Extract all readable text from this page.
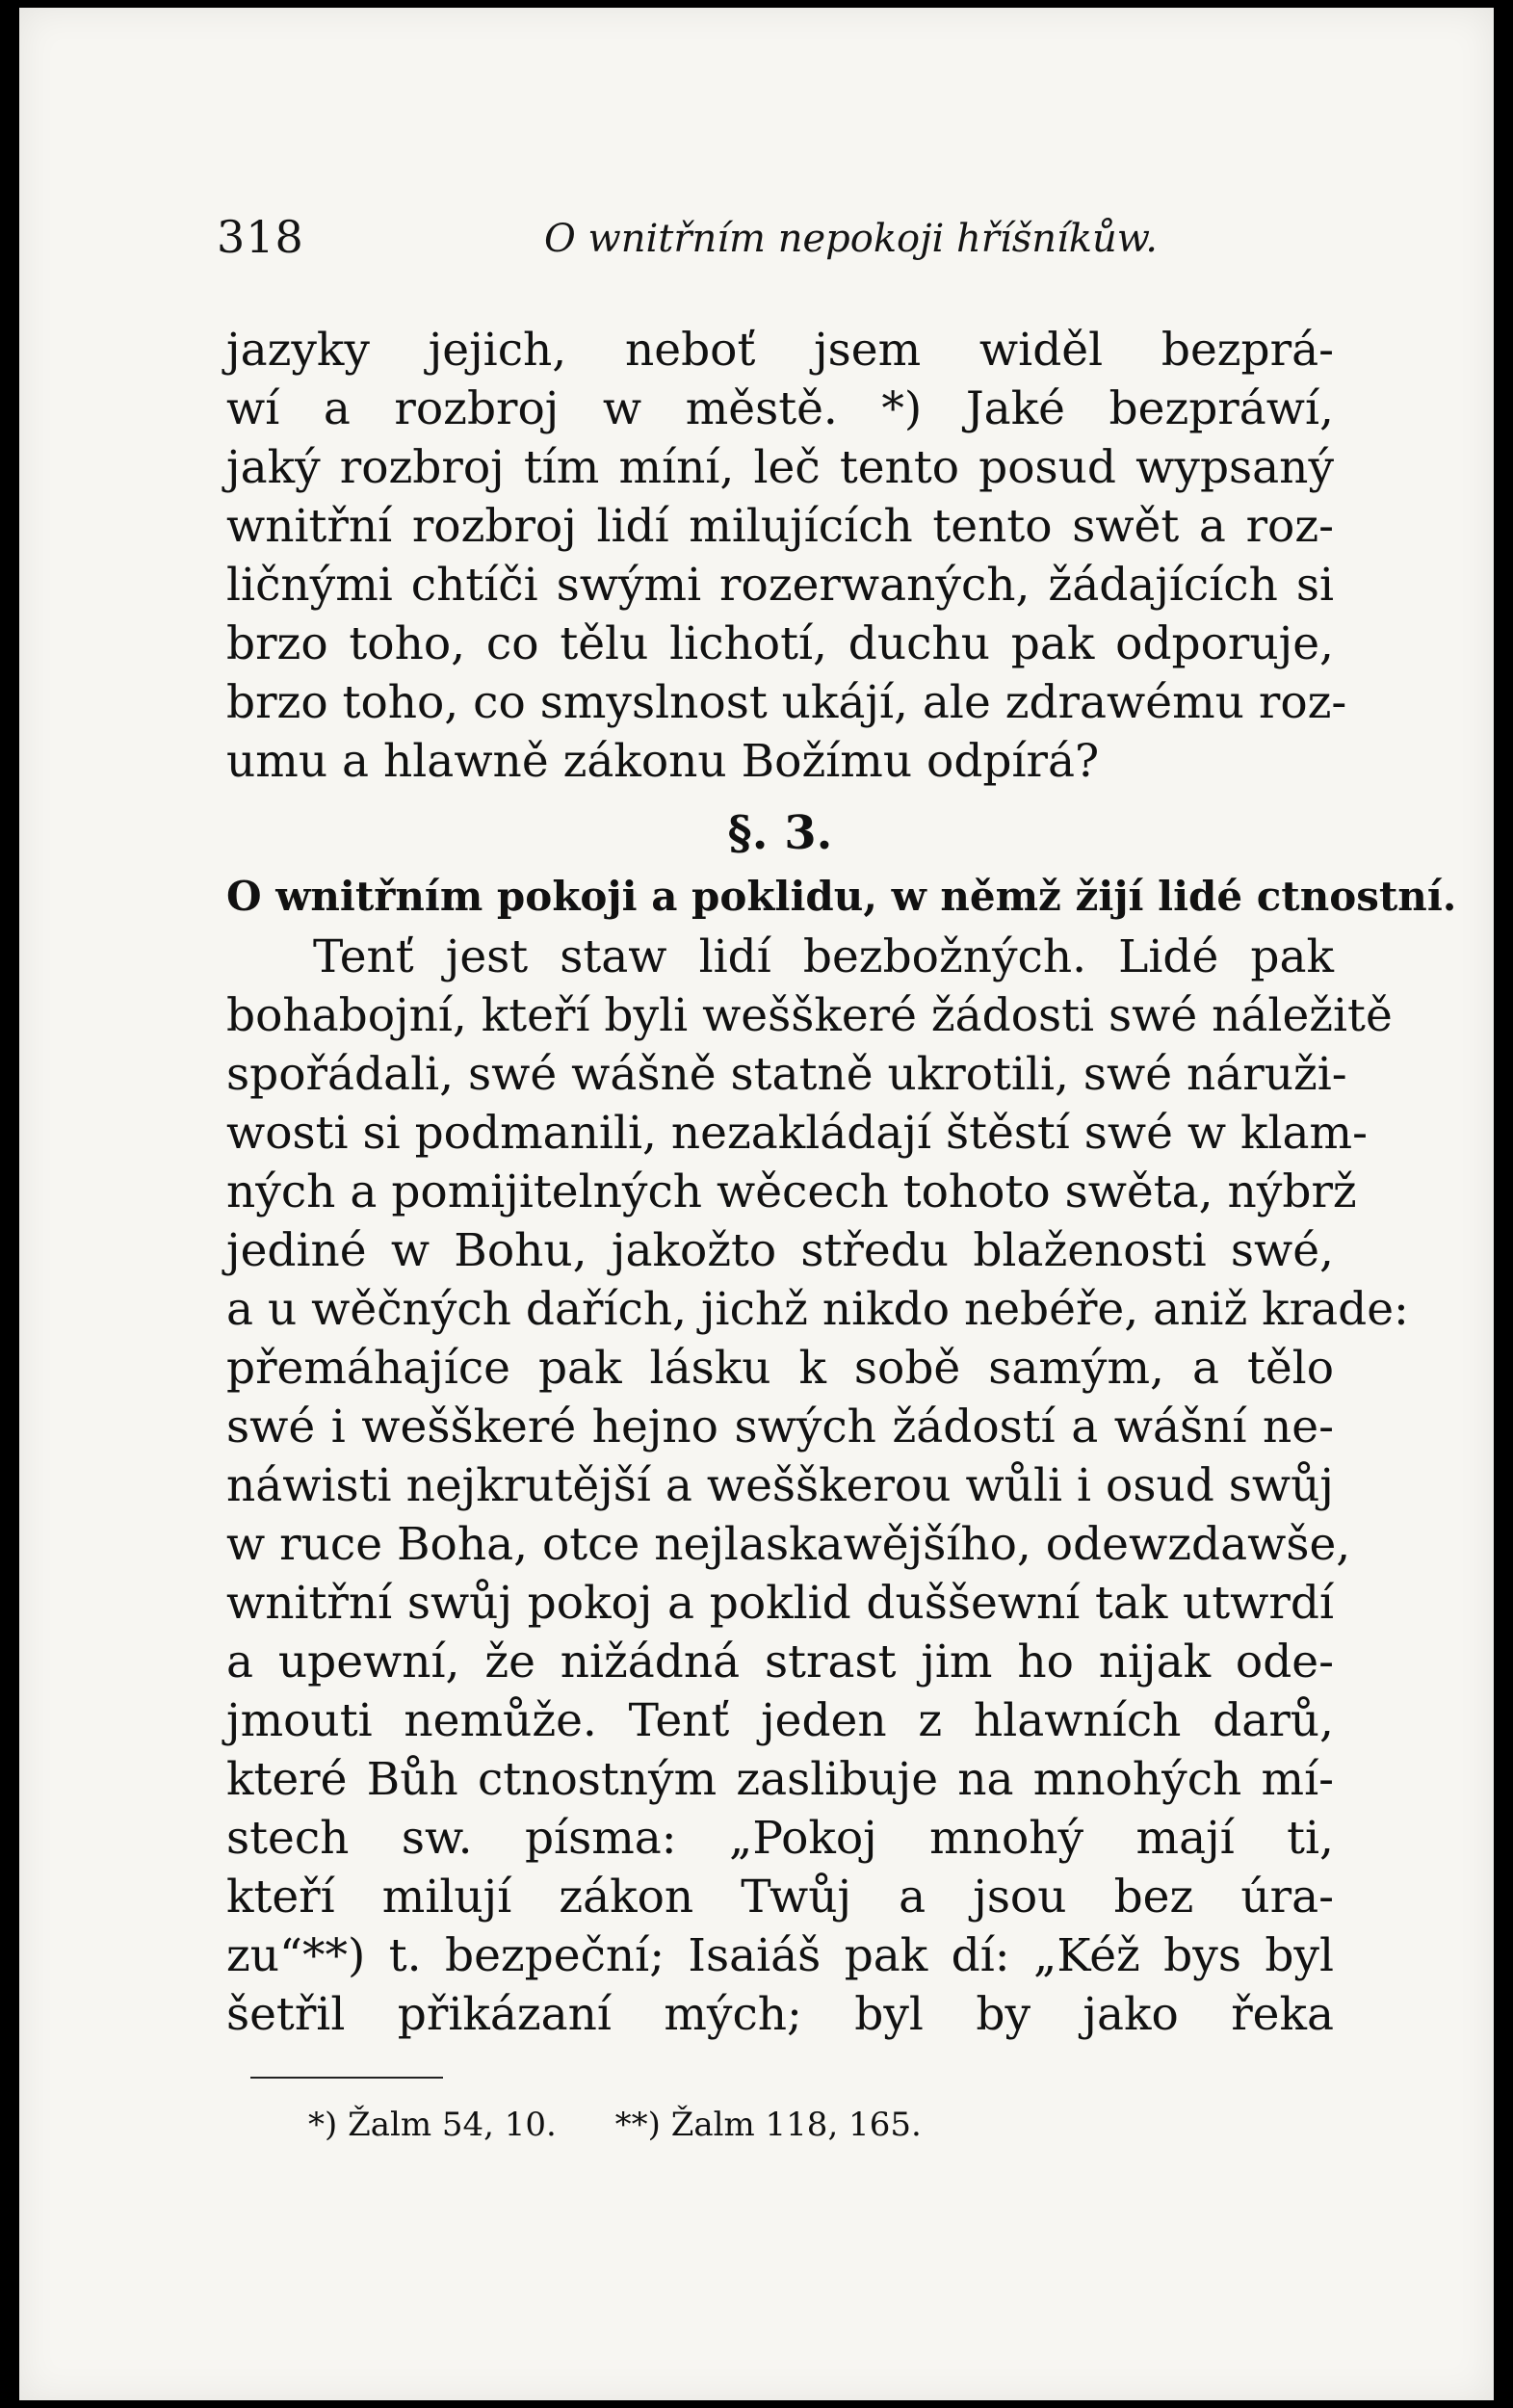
318	O wnitřním nepokoji hříšníkůw.
jazyky jejich, neboť jsem widěl bezprá-
wí a rozbroj w městě. *) Jaké bezpráwí,
jaký rozbroj tím míní, leč tento posud wypsaný
wnitřní rozbroj lidí milujících tento swět a roz-
ličnými chtíči swými rozerwaných, žádajících si
brzo toho, co tělu lichotí, duchu pak odporuje,
brzo toho, co smyslnost ukájí, ale zdrawému roz-
umu a hlawně zákonu Božímu odpírá?
§. 3.
O wnitřním pokoji a poklidu, w němž žijí lidé ctnostní.
Tenť jest staw lidí bezbožných. Lidé pak
bohabojní, kteří byli wešškeré žádosti swé náležitě
spořádali, swé wášně statně ukrotili, swé náruži-
wosti si podmanili, nezakládají štěstí swé w klam-
ných a pomijitelných wěcech tohoto swěta, nýbrž
jediné w Bohu, jakožto středu blaženosti swé,
a u wěčných dařích, jichž nikdo nebéře, aniž krade:
přemáhajíce pak lásku k sobě samým, a tělo
swé i wešškeré hejno swých žádostí a wášní ne-
náwisti nejkrutější a wešškerou wůli i osud swůj
w ruce Boha, otce nejlaskawějšího, odewzdawše,
wnitřní swůj pokoj a poklid duššewní tak utwrdí
a upewní, že nižádná strast jim ho nijak ode-
jmouti nemůže. Tenť jeden z hlawních darů,
které Bůh ctnostným zaslibuje na mnohých mí-
stech sw. písma: „Pokoj mnohý mají ti,
kteří milují zákon Twůj a jsou bez úra-
zu“**) t. bezpeční; Isaiáš pak dí: „Kéž bys byl
šetřil přikázaní mých; byl by jako řeka
*) Žalm 54, 10. **) Žalm 118, 165.
